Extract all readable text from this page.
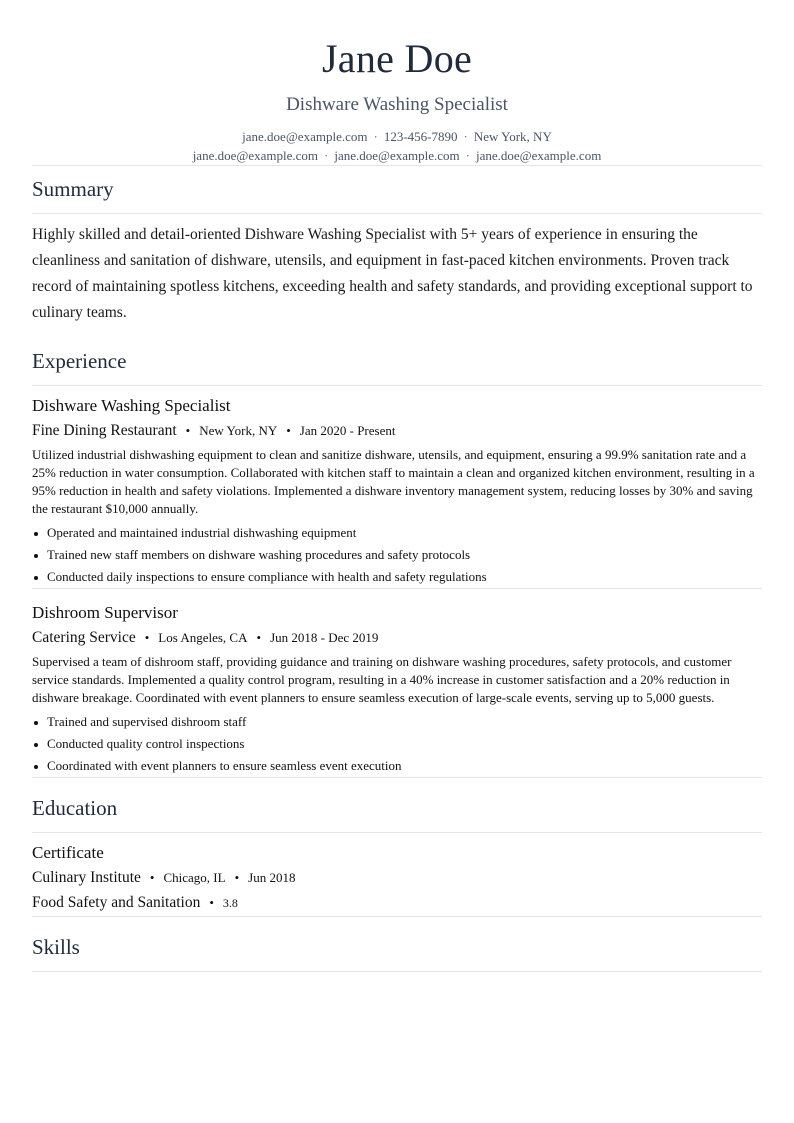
Jane Doe
Dishware Washing Specialist
jane.doe@example.com · 123-456-7890 · New York, NY
jane.doe@example.com · jane.doe@example.com · jane.doe@example.com
Summary

Highly skilled and detail-oriented Dishware Washing Specialist with 5+ years of experience in ensuring the cleanliness and sanitation of dishware, utensils, and equipment in fast-paced kitchen environments. Proven track record of maintaining spotless kitchens, exceeding health and safety standards, and providing exceptional support to culinary teams.

Experience
Dishware Washing Specialist
Fine Dining Restaurant • New York, NY • Jan 2020 - Present

Utilized industrial dishwashing equipment to clean and sanitize dishware, utensils, and equipment, ensuring a 99.9% sanitation rate and a 25% reduction in water consumption. Collaborated with kitchen staff to maintain a clean and organized kitchen environment, resulting in a 95% reduction in health and safety violations. Implemented a dishware inventory management system, reducing losses by 30% and saving the restaurant $10,000 annually.

Operated and maintained industrial dishwashing equipment
Trained new staff members on dishware washing procedures and safety protocols
Conducted daily inspections to ensure compliance with health and safety regulations
Dishroom Supervisor
Catering Service • Los Angeles, CA • Jun 2018 - Dec 2019

Supervised a team of dishroom staff, providing guidance and training on dishware washing procedures, safety protocols, and customer service standards. Implemented a quality control program, resulting in a 40% increase in customer satisfaction and a 20% reduction in dishware breakage. Coordinated with event planners to ensure seamless execution of large-scale events, serving up to 5,000 guests.

Trained and supervised dishroom staff
Conducted quality control inspections
Coordinated with event planners to ensure seamless event execution
Education
Certificate
Culinary Institute • Chicago, IL • Jun 2018
Food Safety and Sanitation • 3.8
Skills
